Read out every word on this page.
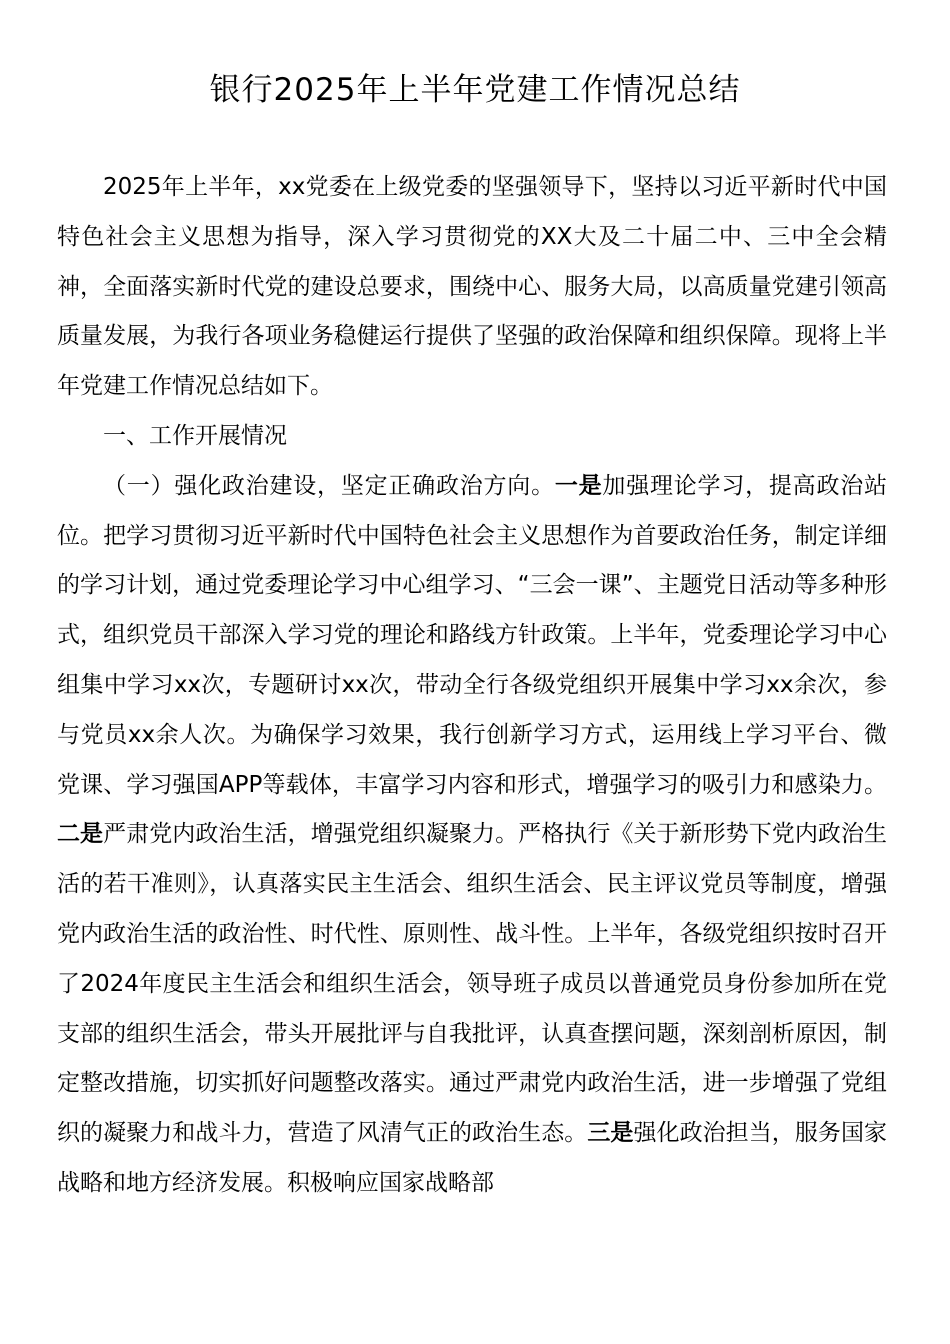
银行2025年上半年党建工作情况总结

2025年上半年，xx党委在上级党委的坚强领导下，坚持以习近平新时代中国特色社会主义思想为指导，深入学习贯彻党的XX大及二十届二中、三中全会精神，全面落实新时代党的建设总要求，围绕中心、服务大局，以高质量党建引领高质量发展，为我行各项业务稳健运行提供了坚强的政治保障和组织保障。现将上半年党建工作情况总结如下。

一、工作开展情况

（一）强化政治建设，坚定正确政治方向。一是加强理论学习，提高政治站位。把学习贯彻习近平新时代中国特色社会主义思想作为首要政治任务，制定详细的学习计划，通过党委理论学习中心组学习、“三会一课”、主题党日活动等多种形式，组织党员干部深入学习党的理论和路线方针政策。上半年，党委理论学习中心组集中学习xx次，专题研讨xx次，带动全行各级党组织开展集中学习xx余次，参与党员xx余人次。为确保学习效果，我行创新学习方式，运用线上学习平台、微党课、学习强国APP等载体，丰富学习内容和形式，增强学习的吸引力和感染力。二是严肃党内政治生活，增强党组织凝聚力。严格执行《关于新形势下党内政治生活的若干准则》，认真落实民主生活会、组织生活会、民主评议党员等制度，增强党内政治生活的政治性、时代性、原则性、战斗性。上半年，各级党组织按时召开了2024年度民主生活会和组织生活会，领导班子成员以普通党员身份参加所在党支部的组织生活会，带头开展批评与自我批评，认真查摆问题，深刻剖析原因，制定整改措施，切实抓好问题整改落实。通过严肃党内政治生活，进一步增强了党组织的凝聚力和战斗力，营造了风清气正的政治生态。三是强化政治担当，服务国家战略和地方经济发展。积极响应国家战略部
